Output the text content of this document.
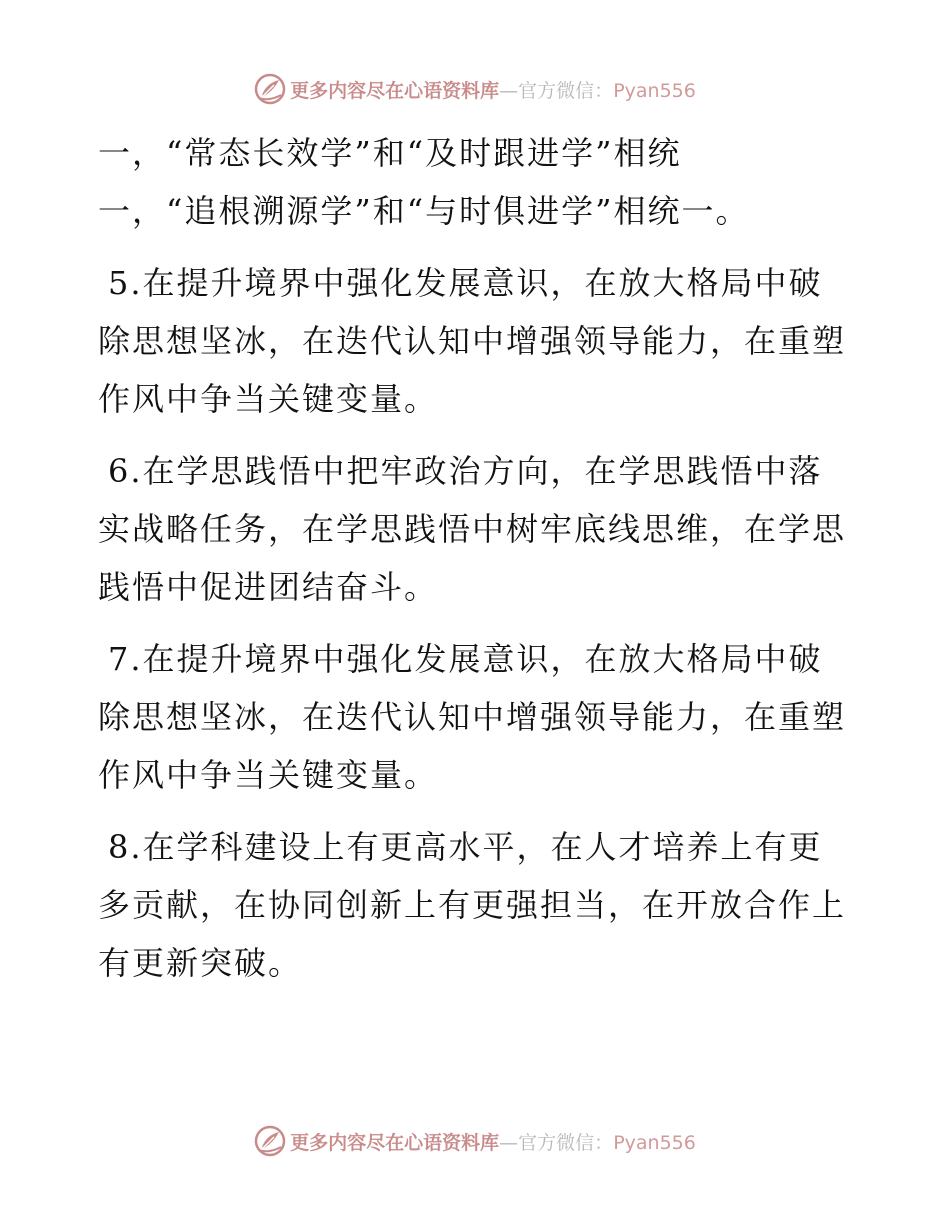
更多内容尽在心语资料库—官方微信：Pyan556

一，“常态长效学”和“及时跟进学”相统

一，“追根溯源学”和“与时俱进学”相统一。

5.在提升境界中强化发展意识，在放大格局中破

除思想坚冰，在迭代认知中增强领导能力，在重塑

作风中争当关键变量。

6.在学思践悟中把牢政治方向，在学思践悟中落

实战略任务，在学思践悟中树牢底线思维，在学思

践悟中促进团结奋斗。

7.在提升境界中强化发展意识，在放大格局中破

除思想坚冰，在迭代认知中增强领导能力，在重塑

作风中争当关键变量。

8.在学科建设上有更高水平，在人才培养上有更

多贡献，在协同创新上有更强担当，在开放合作上

有更新突破。

更多内容尽在心语资料库—官方微信：Pyan556
